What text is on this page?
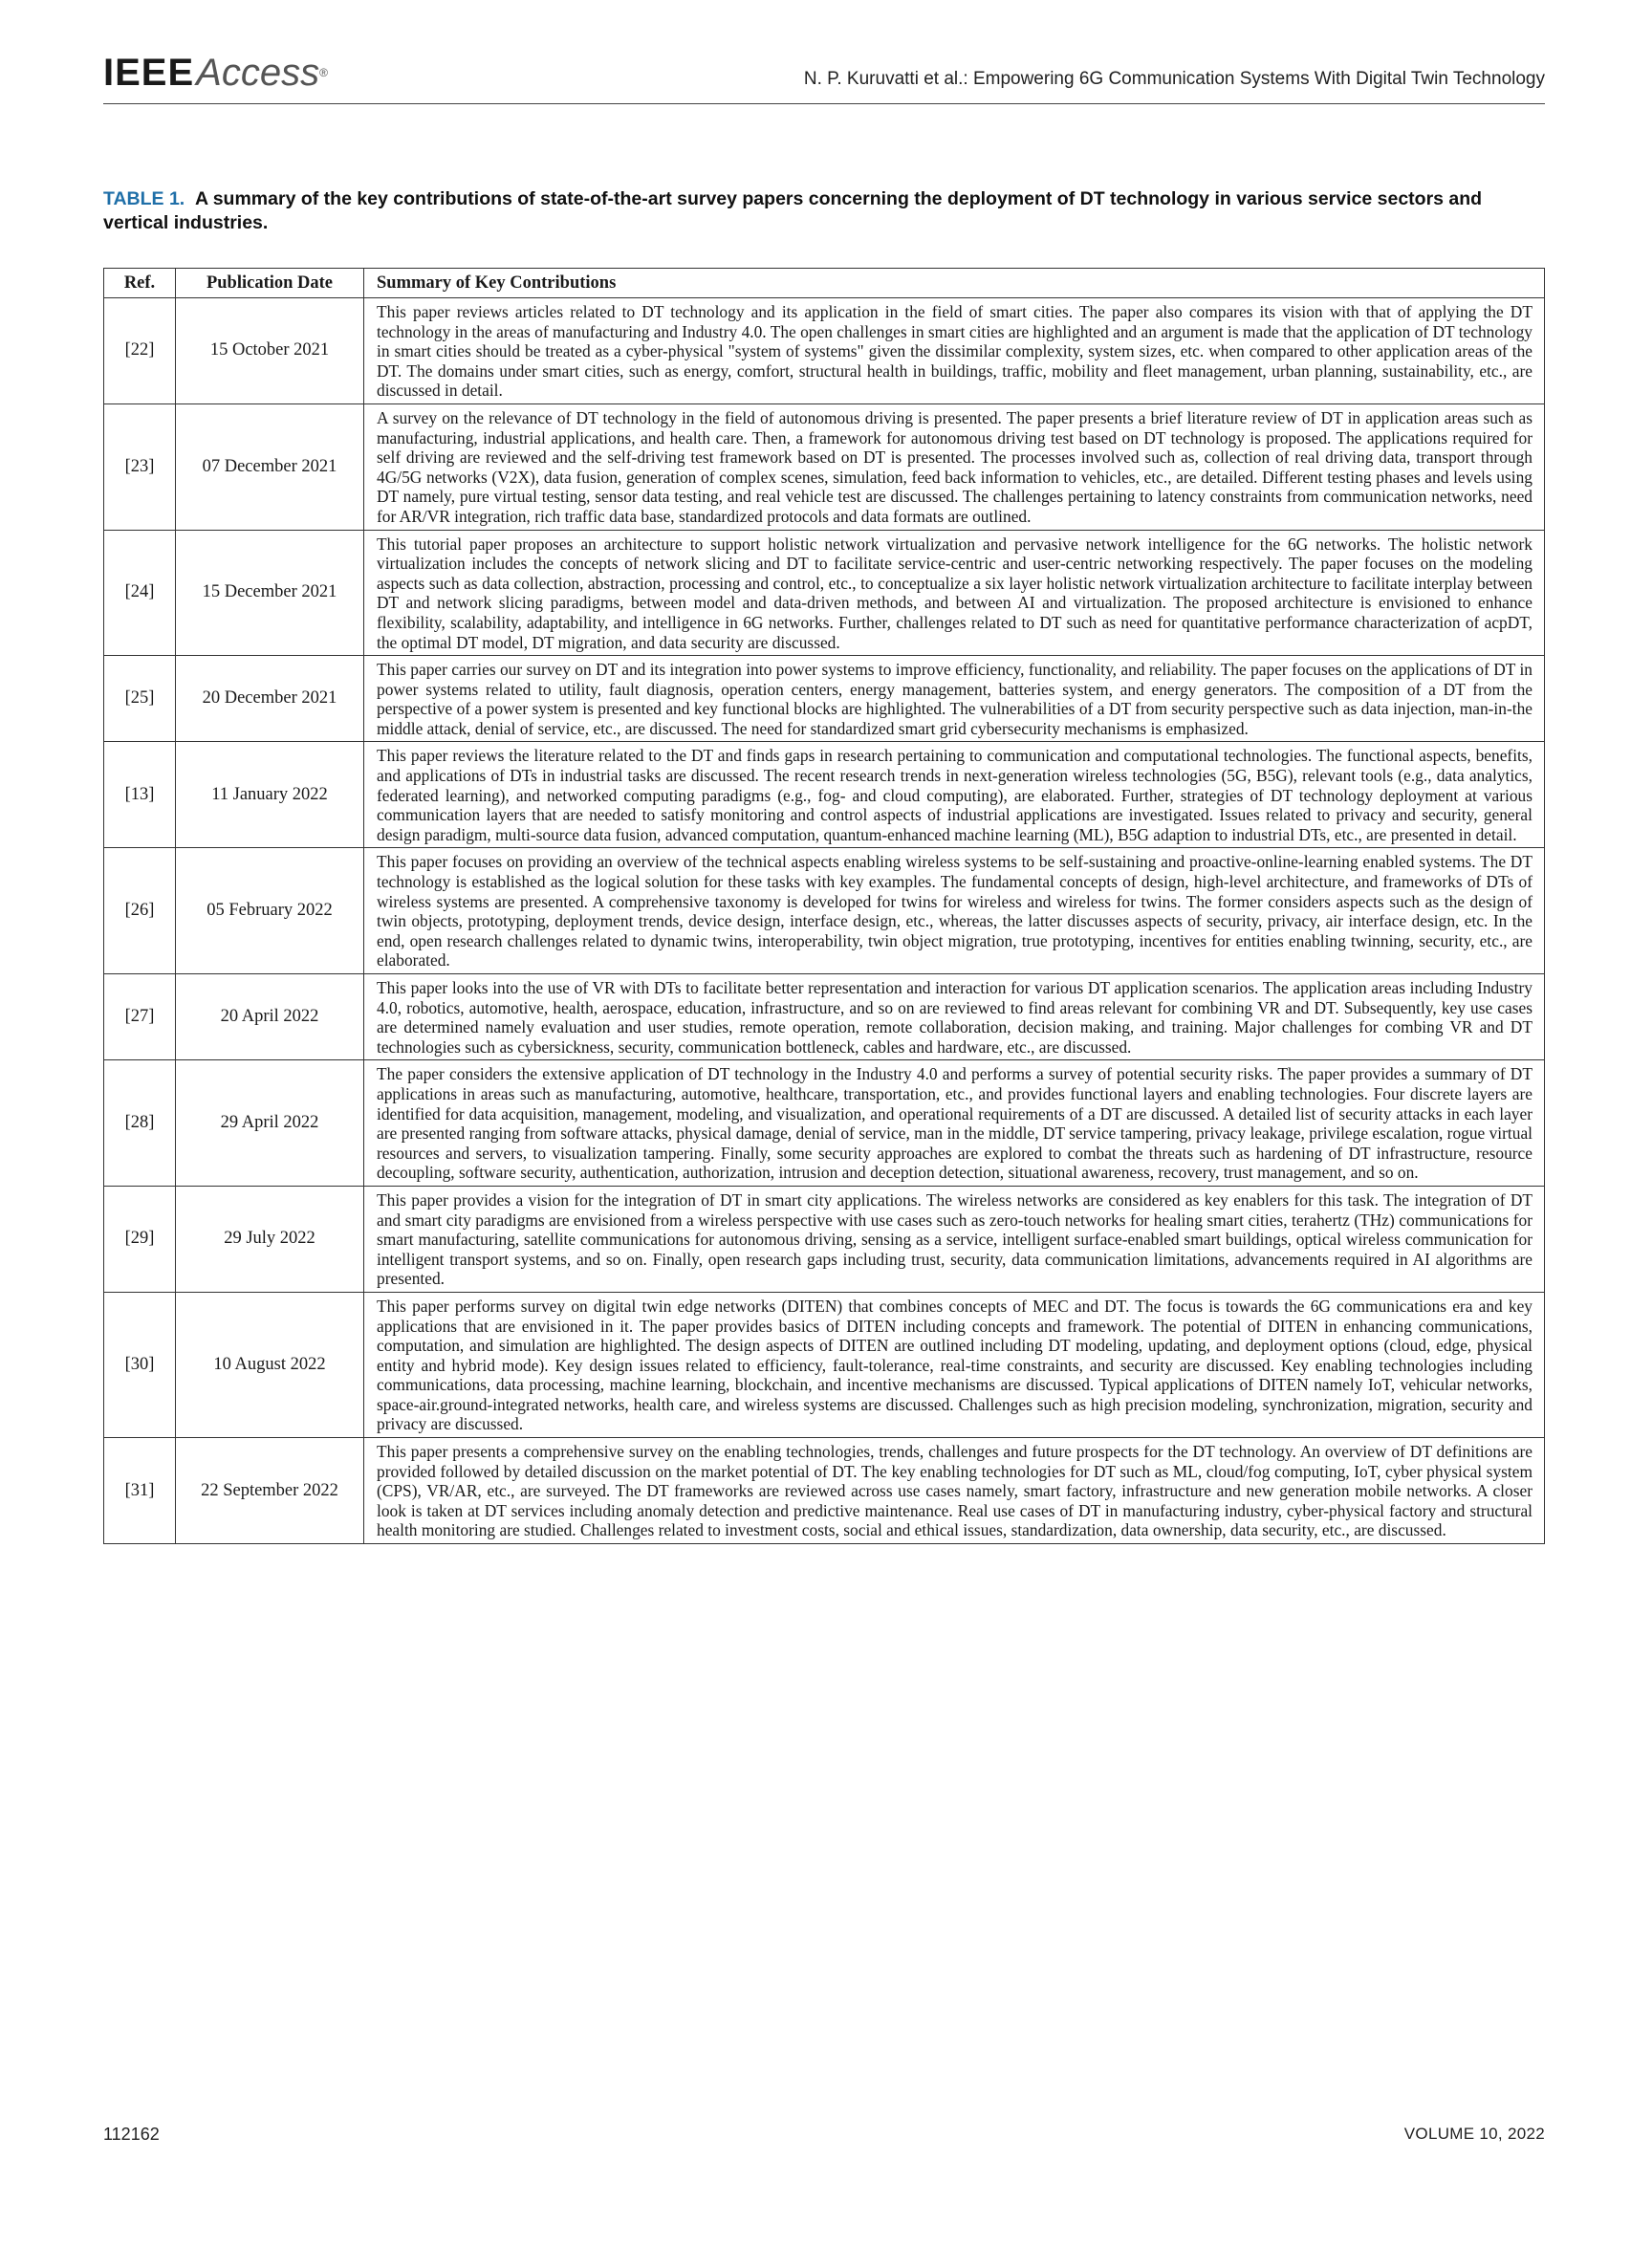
IEEEAccess®	N. P. Kuruvatti et al.: Empowering 6G Communication Systems With Digital Twin Technology
TABLE 1. A summary of the key contributions of state-of-the-art survey papers concerning the deployment of DT technology in various service sectors and vertical industries.
Ref.	Publication Date	Summary of Key Contributions
[22]	15 October 2021	This paper reviews articles related to DT technology and its application in the field of smart cities. The paper also compares its vision with that of applying the DT technology in the areas of manufacturing and Industry 4.0. The open challenges in smart cities are highlighted and an argument is made that the application of DT technology in smart cities should be treated as a cyber-physical "system of systems" given the dissimilar complexity, system sizes, etc. when compared to other application areas of the DT. The domains under smart cities, such as energy, comfort, structural health in buildings, traffic, mobility and fleet management, urban planning, sustainability, etc., are discussed in detail.
[23]	07 December 2021	A survey on the relevance of DT technology in the field of autonomous driving is presented. The paper presents a brief literature review of DT in application areas such as manufacturing, industrial applications, and health care. Then, a framework for autonomous driving test based on DT technology is proposed. The applications required for self driving are reviewed and the self-driving test framework based on DT is presented. The processes involved such as, collection of real driving data, transport through 4G/5G networks (V2X), data fusion, generation of complex scenes, simulation, feed back information to vehicles, etc., are detailed. Different testing phases and levels using DT namely, pure virtual testing, sensor data testing, and real vehicle test are discussed. The challenges pertaining to latency constraints from communication networks, need for AR/VR integration, rich traffic data base, standardized protocols and data formats are outlined.
[24]	15 December 2021	This tutorial paper proposes an architecture to support holistic network virtualization and pervasive network intelligence for the 6G networks. The holistic network virtualization includes the concepts of network slicing and DT to facilitate service-centric and user-centric networking respectively. The paper focuses on the modeling aspects such as data collection, abstraction, processing and control, etc., to conceptualize a six layer holistic network virtualization architecture to facilitate interplay between DT and network slicing paradigms, between model and data-driven methods, and between AI and virtualization. The proposed architecture is envisioned to enhance flexibility, scalability, adaptability, and intelligence in 6G networks. Further, challenges related to DT such as need for quantitative performance characterization of acpDT, the optimal DT model, DT migration, and data security are discussed.
[25]	20 December 2021	This paper carries our survey on DT and its integration into power systems to improve efficiency, functionality, and reliability. The paper focuses on the applications of DT in power systems related to utility, fault diagnosis, operation centers, energy management, batteries system, and energy generators. The composition of a DT from the perspective of a power system is presented and key functional blocks are highlighted. The vulnerabilities of a DT from security perspective such as data injection, man-in-the middle attack, denial of service, etc., are discussed. The need for standardized smart grid cybersecurity mechanisms is emphasized.
[13]	11 January 2022	This paper reviews the literature related to the DT and finds gaps in research pertaining to communication and computational technologies. The functional aspects, benefits, and applications of DTs in industrial tasks are discussed. The recent research trends in next-generation wireless technologies (5G, B5G), relevant tools (e.g., data analytics, federated learning), and networked computing paradigms (e.g., fog- and cloud computing), are elaborated. Further, strategies of DT technology deployment at various communication layers that are needed to satisfy monitoring and control aspects of industrial applications are investigated. Issues related to privacy and security, general design paradigm, multi-source data fusion, advanced computation, quantum-enhanced machine learning (ML), B5G adaption to industrial DTs, etc., are presented in detail.
[26]	05 February 2022	This paper focuses on providing an overview of the technical aspects enabling wireless systems to be self-sustaining and proactive-online-learning enabled systems. The DT technology is established as the logical solution for these tasks with key examples. The fundamental concepts of design, high-level architecture, and frameworks of DTs of wireless systems are presented. A comprehensive taxonomy is developed for twins for wireless and wireless for twins. The former considers aspects such as the design of twin objects, prototyping, deployment trends, device design, interface design, etc., whereas, the latter discusses aspects of security, privacy, air interface design, etc. In the end, open research challenges related to dynamic twins, interoperability, twin object migration, true prototyping, incentives for entities enabling twinning, security, etc., are elaborated.
[27]	20 April 2022	This paper looks into the use of VR with DTs to facilitate better representation and interaction for various DT application scenarios. The application areas including Industry 4.0, robotics, automotive, health, aerospace, education, infrastructure, and so on are reviewed to find areas relevant for combining VR and DT. Subsequently, key use cases are determined namely evaluation and user studies, remote operation, remote collaboration, decision making, and training. Major challenges for combing VR and DT technologies such as cybersickness, security, communication bottleneck, cables and hardware, etc., are discussed.
[28]	29 April 2022	The paper considers the extensive application of DT technology in the Industry 4.0 and performs a survey of potential security risks. The paper provides a summary of DT applications in areas such as manufacturing, automotive, healthcare, transportation, etc., and provides functional layers and enabling technologies. Four discrete layers are identified for data acquisition, management, modeling, and visualization, and operational requirements of a DT are discussed. A detailed list of security attacks in each layer are presented ranging from software attacks, physical damage, denial of service, man in the middle, DT service tampering, privacy leakage, privilege escalation, rogue virtual resources and servers, to visualization tampering. Finally, some security approaches are explored to combat the threats such as hardening of DT infrastructure, resource decoupling, software security, authentication, authorization, intrusion and deception detection, situational awareness, recovery, trust management, and so on.
[29]	29 July 2022	This paper provides a vision for the integration of DT in smart city applications. The wireless networks are considered as key enablers for this task. The integration of DT and smart city paradigms are envisioned from a wireless perspective with use cases such as zero-touch networks for healing smart cities, terahertz (THz) communications for smart manufacturing, satellite communications for autonomous driving, sensing as a service, intelligent surface-enabled smart buildings, optical wireless communication for intelligent transport systems, and so on. Finally, open research gaps including trust, security, data communication limitations, advancements required in AI algorithms are presented.
[30]	10 August 2022	This paper performs survey on digital twin edge networks (DITEN) that combines concepts of MEC and DT. The focus is towards the 6G communications era and key applications that are envisioned in it. The paper provides basics of DITEN including concepts and framework. The potential of DITEN in enhancing communications, computation, and simulation are highlighted. The design aspects of DITEN are outlined including DT modeling, updating, and deployment options (cloud, edge, physical entity and hybrid mode). Key design issues related to efficiency, fault-tolerance, real-time constraints, and security are discussed. Key enabling technologies including communications, data processing, machine learning, blockchain, and incentive mechanisms are discussed. Typical applications of DITEN namely IoT, vehicular networks, space-air.ground-integrated networks, health care, and wireless systems are discussed. Challenges such as high precision modeling, synchronization, migration, security and privacy are discussed.
[31]	22 September 2022	This paper presents a comprehensive survey on the enabling technologies, trends, challenges and future prospects for the DT technology. An overview of DT definitions are provided followed by detailed discussion on the market potential of DT. The key enabling technologies for DT such as ML, cloud/fog computing, IoT, cyber physical system (CPS), VR/AR, etc., are surveyed. The DT frameworks are reviewed across use cases namely, smart factory, infrastructure and new generation mobile networks. A closer look is taken at DT services including anomaly detection and predictive maintenance. Real use cases of DT in manufacturing industry, cyber-physical factory and structural health monitoring are studied. Challenges related to investment costs, social and ethical issues, standardization, data ownership, data security, etc., are discussed.
112162	VOLUME 10, 2022
